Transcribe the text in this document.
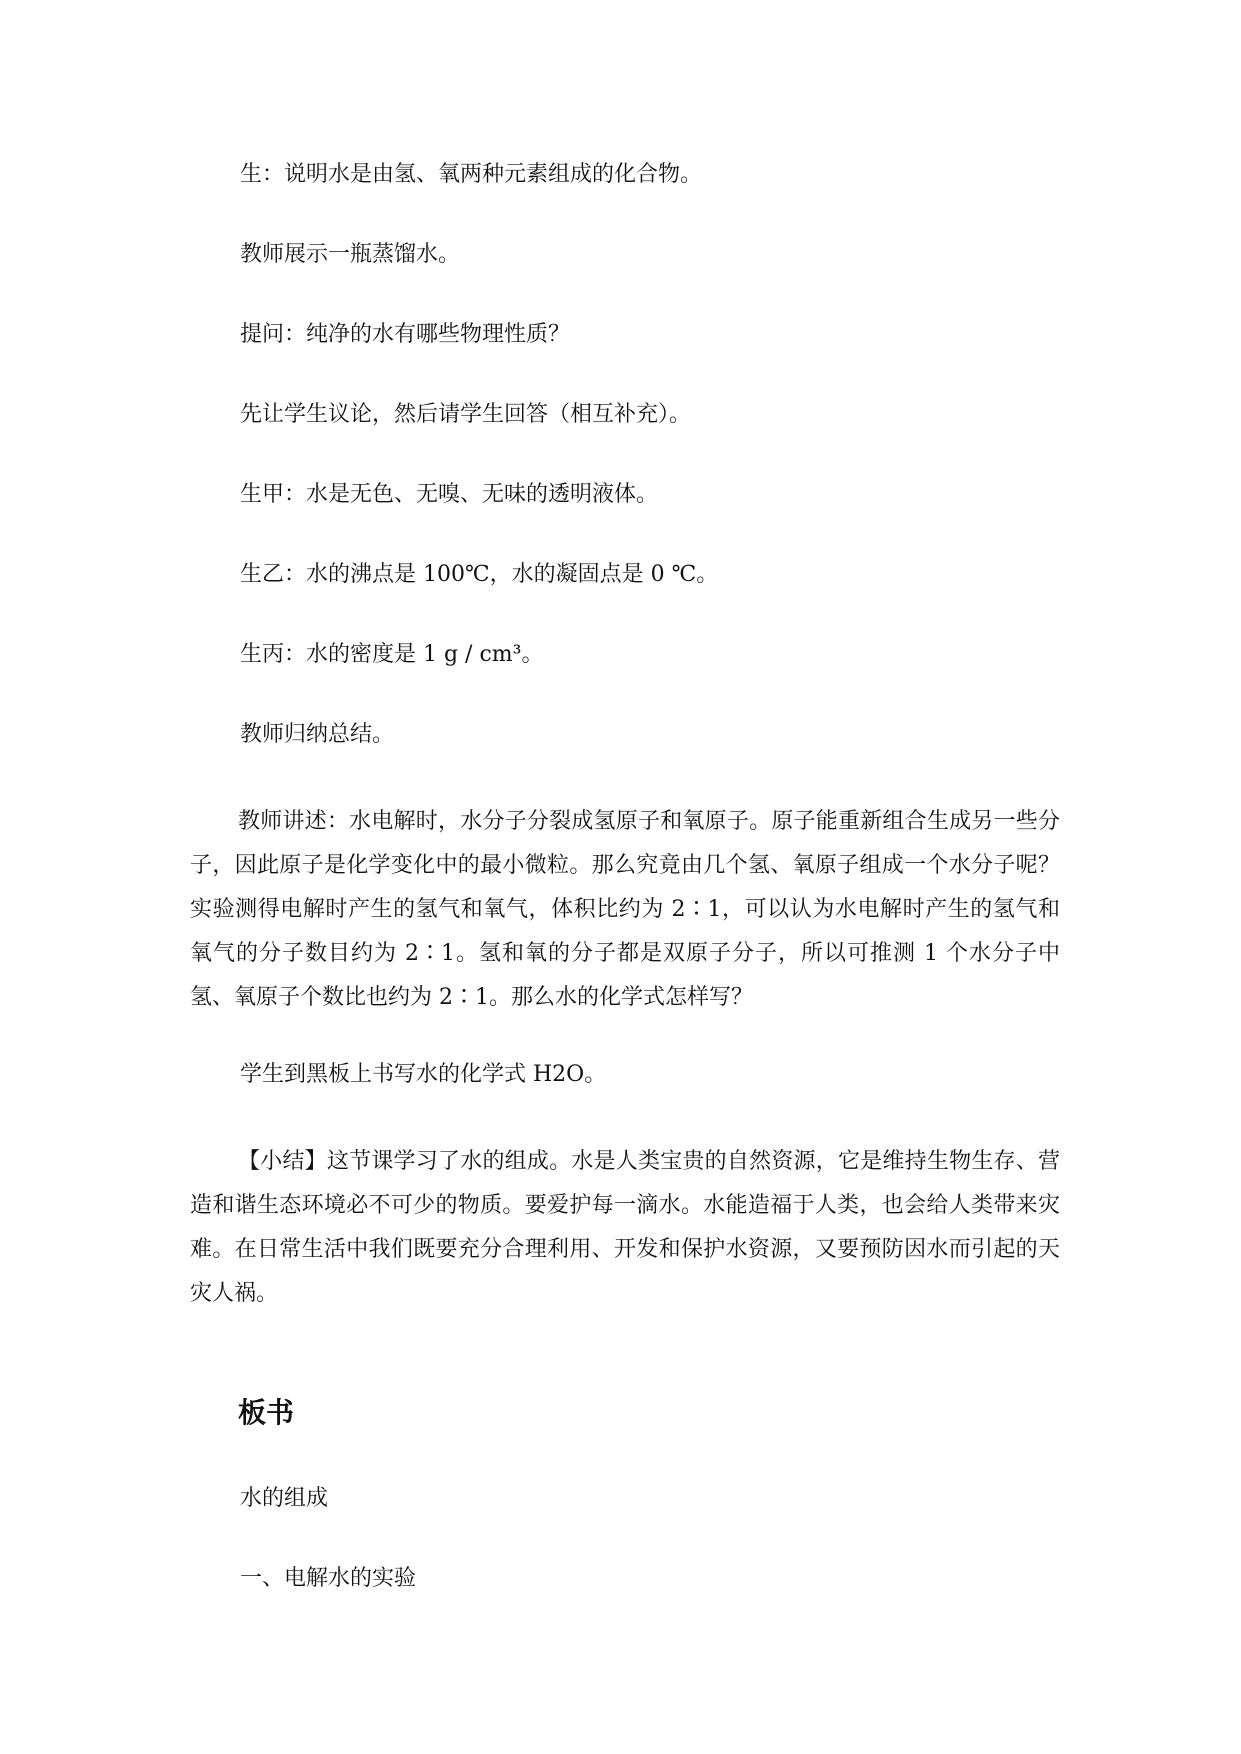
生：说明水是由氢、氧两种元素组成的化合物。
教师展示一瓶蒸馏水。
提问：纯净的水有哪些物理性质？
先让学生议论，然后请学生回答（相互补充）。
生甲：水是无色、无嗅、无味的透明液体。
生乙：水的沸点是 100℃，水的凝固点是 0 ℃。
生丙：水的密度是 1 g / cm³。
教师归纳总结。
教师讲述：水电解时，水分子分裂成氢原子和氧原子。原子能重新组合生成另一些分子，因此原子是化学变化中的最小微粒。那么究竟由几个氢、氧原子组成一个水分子呢？实验测得电解时产生的氢气和氧气，体积比约为 2∶1，可以认为水电解时产生的氢气和氧气的分子数目约为 2∶1。氢和氧的分子都是双原子分子，所以可推测 1 个水分子中氢、氧原子个数比也约为 2∶1。那么水的化学式怎样写？
学生到黑板上书写水的化学式 H2O。
【小结】这节课学习了水的组成。水是人类宝贵的自然资源，它是维持生物生存、营造和谐生态环境必不可少的物质。要爱护每一滴水。水能造福于人类，也会给人类带来灾难。在日常生活中我们既要充分合理利用、开发和保护水资源，又要预防因水而引起的天灾人祸。
板书
水的组成
一、电解水的实验
